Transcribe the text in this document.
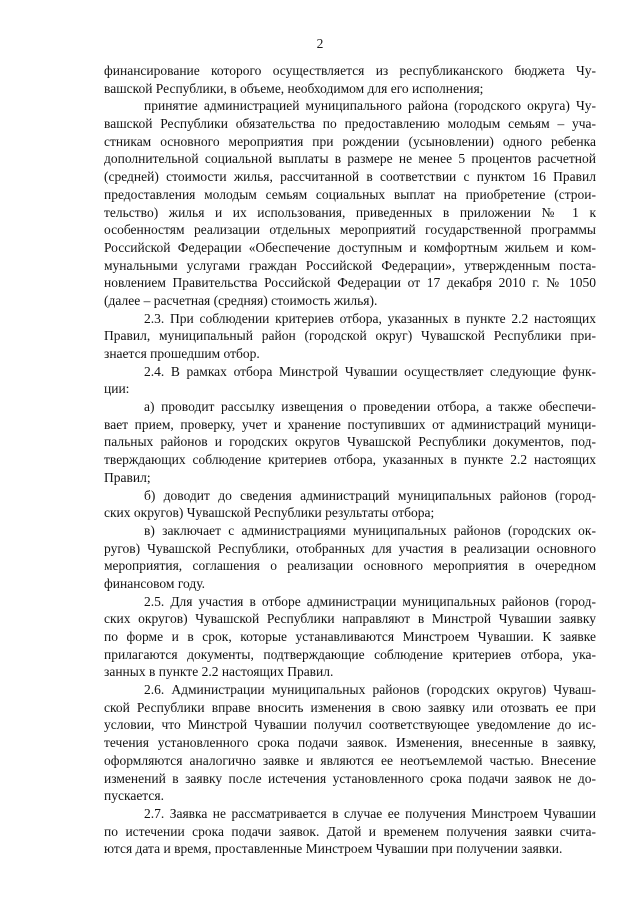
2
финансирование которого осуществляется из республиканского бюджета Чу-
вашской Республики, в объеме, необходимом для его исполнения;
принятие администрацией муниципального района (городского округа) Чу-
вашской Республики обязательства по предоставлению молодым семьям – уча-
стникам основного мероприятия при рождении (усыновлении) одного ребенка
дополнительной социальной выплаты в размере не менее 5 процентов расчетной
(средней) стоимости жилья, рассчитанной в соответствии с пунктом 16 Правил
предоставления молодым семьям социальных выплат на приобретение (строи-
тельство) жилья и их использования, приведенных в приложении № 1 к
особенностям реализации отдельных мероприятий государственной программы
Российской Федерации «Обеспечение доступным и комфортным жильем и ком-
мунальными услугами граждан Российской Федерации», утвержденным поста-
новлением Правительства Российской Федерации от 17 декабря 2010 г. № 1050
(далее – расчетная (средняя) стоимость жилья).
2.3. При соблюдении критериев отбора, указанных в пункте 2.2 настоящих
Правил, муниципальный район (городской округ) Чувашской Республики при-
знается прошедшим отбор.
2.4. В рамках отбора Минстрой Чувашии осуществляет следующие функ-
ции:
а) проводит рассылку извещения о проведении отбора, а также обеспечи-
вает прием, проверку, учет и хранение поступивших от администраций муници-
пальных районов и городских округов Чувашской Республики документов, под-
тверждающих соблюдение критериев отбора, указанных в пункте 2.2 настоящих
Правил;
б) доводит до сведения администраций муниципальных районов (город-
ских округов) Чувашской Республики результаты отбора;
в) заключает с администрациями муниципальных районов (городских ок-
ругов) Чувашской Республики, отобранных для участия в реализации основного
мероприятия, соглашения о реализации основного мероприятия в очередном
финансовом году.
2.5. Для участия в отборе администрации муниципальных районов (город-
ских округов) Чувашской Республики направляют в Минстрой Чувашии заявку
по форме и в срок, которые устанавливаются Минстроем Чувашии. К заявке
прилагаются документы, подтверждающие соблюдение критериев отбора, ука-
занных в пункте 2.2 настоящих Правил.
2.6. Администрации муниципальных районов (городских округов) Чуваш-
ской Республики вправе вносить изменения в свою заявку или отозвать ее при
условии, что Минстрой Чувашии получил соответствующее уведомление до ис-
течения установленного срока подачи заявок. Изменения, внесенные в заявку,
оформляются аналогично заявке и являются ее неотъемлемой частью. Внесение
изменений в заявку после истечения установленного срока подачи заявок не до-
пускается.
2.7. Заявка не рассматривается в случае ее получения Минстроем Чувашии
по истечении срока подачи заявок. Датой и временем получения заявки счита-
ются дата и время, проставленные Минстроем Чувашии при получении заявки.
